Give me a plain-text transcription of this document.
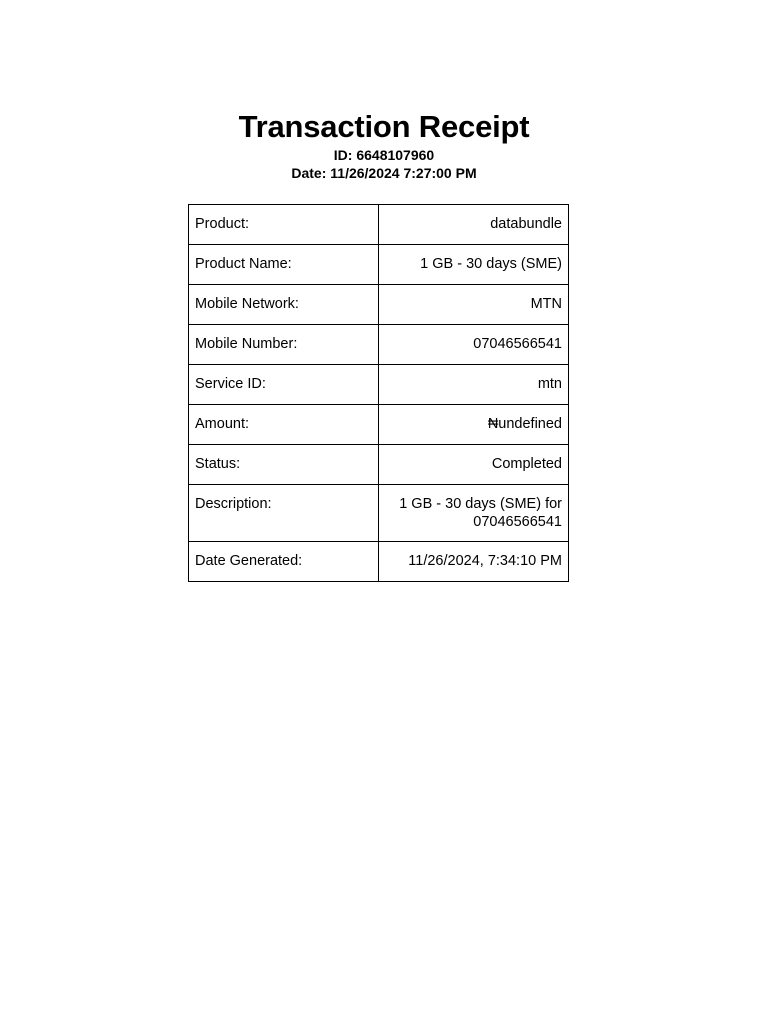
Transaction Receipt
ID: 6648107960
Date: 11/26/2024 7:27:00 PM
Product:	databundle
Product Name:	1 GB - 30 days (SME)
Mobile Network:	MTN
Mobile Number:	07046566541
Service ID:	mtn
Amount:	₦undefined
Status:	Completed
Description:	1 GB - 30 days (SME) for 07046566541
Date Generated:	11/26/2024, 7:34:10 PM
